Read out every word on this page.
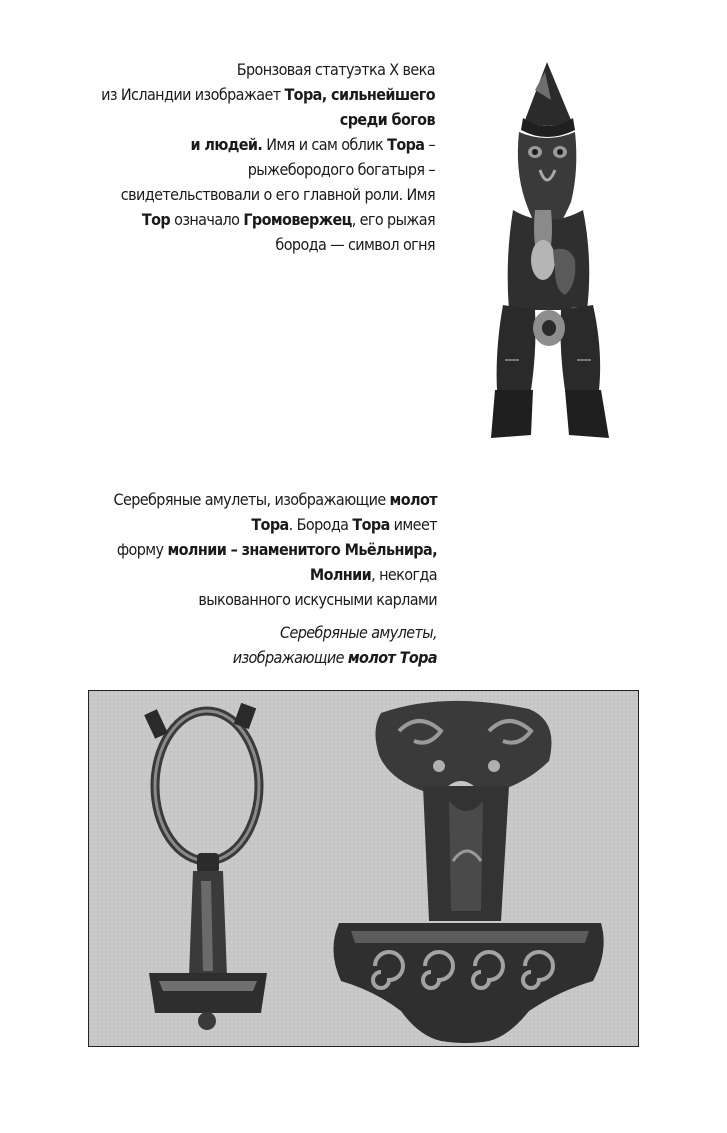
Бронзовая статуэтка X века
из Исландии изображает Тора, сильнейшего
среди богов
и людей. Имя и сам облик Тора –
рыжебородого богатыря –
свидетельствовали о его главной роли. Имя
Тор означало Громовержец, его рыжая
борода — символ огня
Серебряные амулеты, изображающие молот
Тора. Борода Тора имеет
форму молнии – знаменитого Мьёльнира,
Молнии, некогда
выкованного искусными карлами
Серебряные амулеты,
изображающие молот Тора
